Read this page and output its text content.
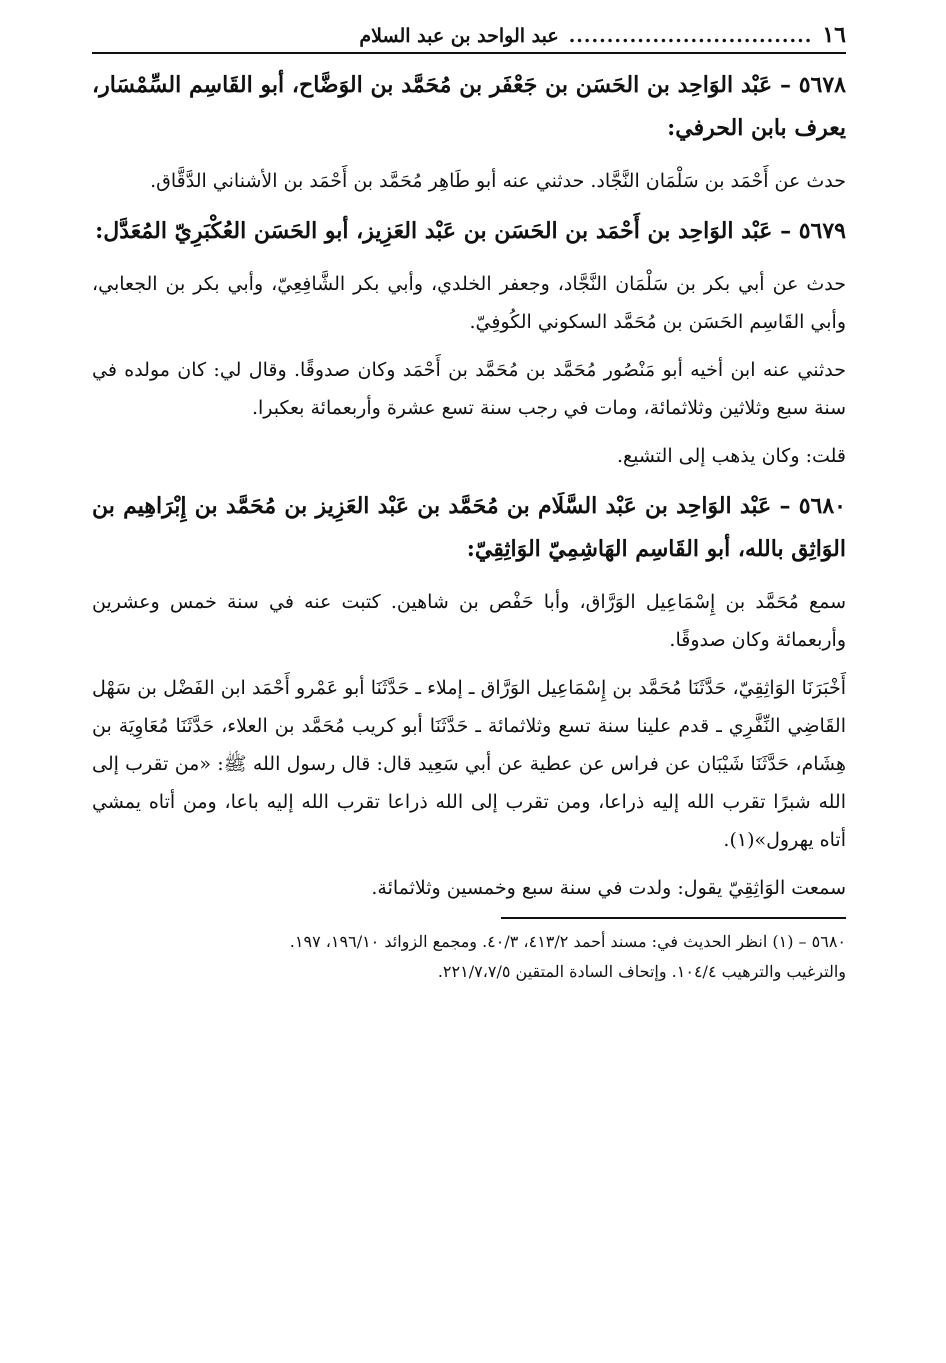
١٦
................................
عبد الواحد بن عبد السلام
٥٦٧٨ – عَبْد الوَاحِد بن الحَسَن بن جَعْفَر بن مُحَمَّد بن الوَضَّاح، أبو القَاسِم السِّمْسَار، يعرف بابن الحرفي:

حدث عن أَحْمَد بن سَلْمَان النَّجَّاد. حدثني عنه أبو طَاهِر مُحَمَّد بن أَحْمَد بن الأشناني الدَّقَّاق.

٥٦٧٩ – عَبْد الوَاحِد بن أَحْمَد بن الحَسَن بن عَبْد العَزِيز، أبو الحَسَن العُكْبَرِيّ المُعَدَّل:

حدث عن أبي بكر بن سَلْمَان النَّجَّاد، وجعفر الخلدي، وأبي بكر الشَّافِعِيّ، وأبي بكر بن الجعابي، وأبي القَاسِم الحَسَن بن مُحَمَّد السكوني الكُوفِيّ.

حدثني عنه ابن أخيه أبو مَنْصُور مُحَمَّد بن مُحَمَّد بن أَحْمَد وكان صدوقًا. وقال لي: كان مولده في سنة سبع وثلاثين وثلاثمائة، ومات في رجب سنة تسع عشرة وأربعمائة بعكبرا.

قلت: وكان يذهب إلى التشيع.

٥٦٨٠ – عَبْد الوَاحِد بن عَبْد السَّلَام بن مُحَمَّد بن عَبْد العَزِيز بن مُحَمَّد بن إِبْرَاهِيم بن الوَاثِق بالله، أبو القَاسِم الهَاشِمِيّ الوَاثِقِيّ:

سمع مُحَمَّد بن إِسْمَاعِيل الوَرَّاق، وأبا حَفْص بن شاهين. كتبت عنه في سنة خمس وعشرين وأربعمائة وكان صدوقًا.

أَخْبَرَنَا الوَاثِقِيّ، حَدَّثَنَا مُحَمَّد بن إِسْمَاعِيل الوَرَّاق ـ إملاء ـ حَدَّثَنَا أبو عَمْرو أَحْمَد ابن الفَضْل بن سَهْل القَاضِي النِّفَّرِي ـ قدم علينا سنة تسع وثلاثمائة ـ حَدَّثَنَا أبو كريب مُحَمَّد بن العلاء، حَدَّثَنَا مُعَاوِيَة بن هِشَام، حَدَّثَنَا شَيْبَان عن فراس عن عطية عن أبي سَعِيد قال: قال رسول الله ﷺ: «من تقرب إلى الله شبرًا تقرب الله إليه ذراعا، ومن تقرب إلى الله ذراعا تقرب الله إليه باعا، ومن أتاه يمشي أتاه يهرول»(١).

سمعت الوَاثِقِيّ يقول: ولدت في سنة سبع وخمسين وثلاثمائة.

٥٦٨٠ – (١) انظر الحديث في: مسند أحمد ٤١٣/٢، ٤٠/٣. ومجمع الزوائد ١٩٦/١٠، ١٩٧.

والترغيب والترهيب ١٠٤/٤. وإتحاف السادة المتقين ٢٢١/٧،٧/٥.
